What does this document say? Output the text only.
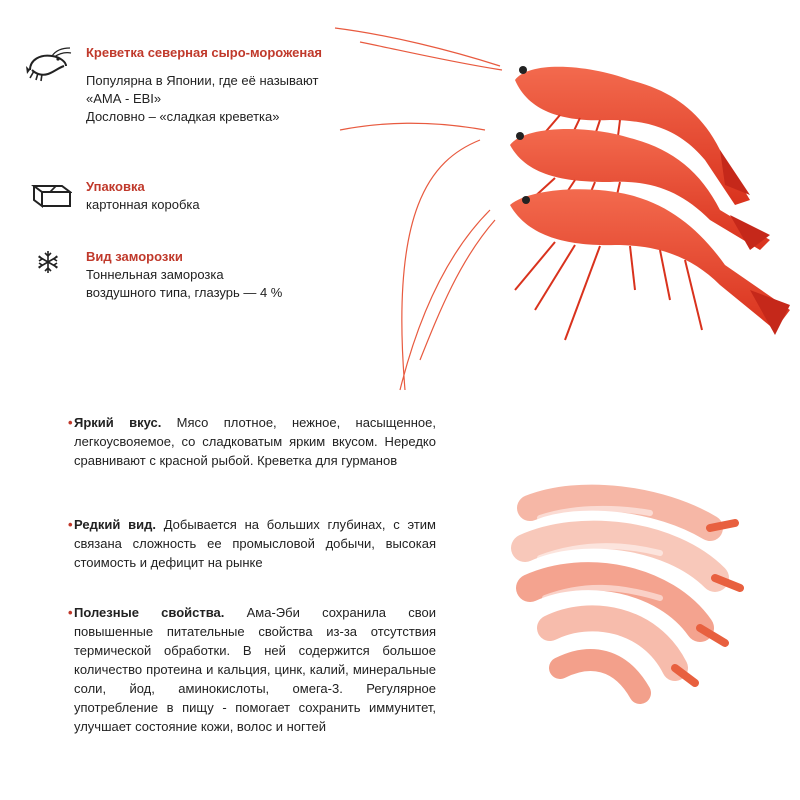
Креветка северная сыро-мороженая
Популярна в Японии, где её называют
«АМА - EBI»
Дословно – «сладкая креветка»
Упаковка
картонная коробка
Вид заморозки
Тоннельная заморозка
воздушного типа, глазурь — 4 %
• Яркий вкус. Мясо плотное, нежное, насыщенное, легкоусвояемое, со сладковатым ярким вкусом. Нередко сравнивают с красной рыбой. Креветка для гурманов
• Редкий вид. Добывается на больших глубинах, с этим связана сложность ее промысловой добычи, высокая стоимость и дефицит на рынке
• Полезные свойства. Ама-Эби сохранила свои повышенные питательные свойства из-за отсутствия термической обработки. В ней содержится большое количество протеина и кальция, цинк, калий, минеральные соли, йод, аминокислоты, омега-3. Регулярное употребление в пищу - помогает сохранить иммунитет, улучшает состояние кожи, волос и ногтей
